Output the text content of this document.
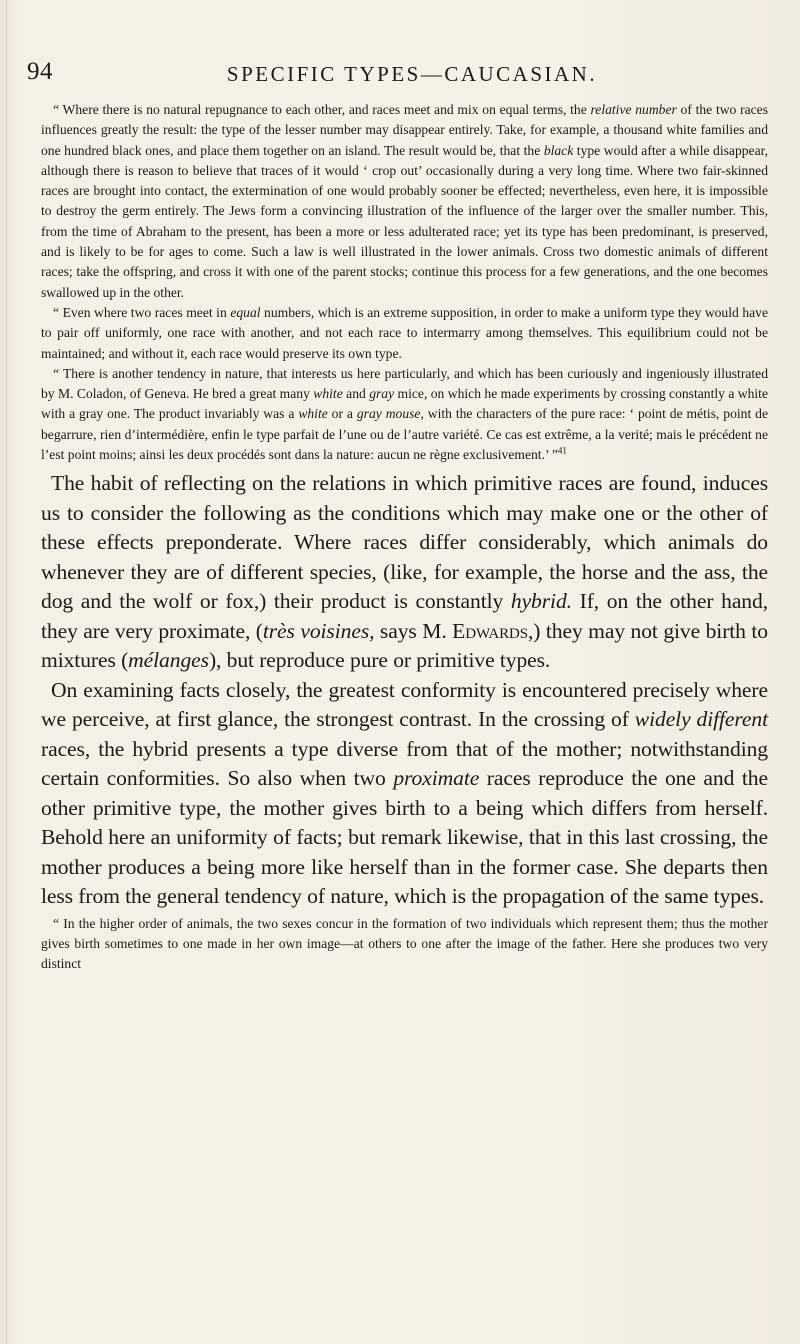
94	SPECIFIC TYPES—CAUCASIAN.

“ Where there is no natural repugnance to each other, and races meet and mix on equal terms, the relative number of the two races influences greatly the result: the type of the lesser number may disappear entirely. Take, for example, a thousand white families and one hundred black ones, and place them together on an island. The result would be, that the black type would after a while disappear, although there is reason to believe that traces of it would ‘ crop out’ occasionally during a very long time. Where two fair-skinned races are brought into contact, the extermination of one would probably sooner be effected; nevertheless, even here, it is impossible to destroy the germ entirely. The Jews form a convincing illustration of the influence of the larger over the smaller number. This, from the time of Abraham to the present, has been a more or less adulterated race; yet its type has been predominant, is preserved, and is likely to be for ages to come. Such a law is well illustrated in the lower animals. Cross two domestic animals of different races; take the offspring, and cross it with one of the parent stocks; continue this process for a few generations, and the one becomes swallowed up in the other.

“ Even where two races meet in equal numbers, which is an extreme supposition, in order to make a uniform type they would have to pair off uniformly, one race with another, and not each race to intermarry among themselves. This equilibrium could not be maintained; and without it, each race would preserve its own type.

“ There is another tendency in nature, that interests us here particularly, and which has been curiously and ingeniously illustrated by M. Coladon, of Geneva. He bred a great many white and gray mice, on which he made experiments by crossing constantly a white with a gray one. The product invariably was a white or a gray mouse, with the characters of the pure race: ‘ point de métis, point de begarrure, rien d’intermédière, enfin le type parfait de l’une ou de l’autre variété. Ce cas est extrême, a la verité; mais le précédent ne l’est point moins; ainsi les deux procédés sont dans la nature: aucun ne règne exclusivement.’ ”$^{41}$

The habit of reflecting on the relations in which primitive races are found, induces us to consider the following as the conditions which may make one or the other of these effects preponderate. Where races differ considerably, which animals do whenever they are of different species, (like, for example, the horse and the ass, the dog and the wolf or fox,) their product is constantly hybrid. If, on the other hand, they are very proximate, (très voisines, says M. Edwards,) they may not give birth to mixtures (mélanges), but reproduce pure or primitive types.

On examining facts closely, the greatest conformity is encountered precisely where we perceive, at first glance, the strongest contrast. In the crossing of widely different races, the hybrid presents a type diverse from that of the mother; notwithstanding certain conformities. So also when two proximate races reproduce the one and the other primitive type, the mother gives birth to a being which differs from herself. Behold here an uniformity of facts; but remark likewise, that in this last crossing, the mother produces a being more like herself than in the former case. She departs then less from the general tendency of nature, which is the propagation of the same types.

“ In the higher order of animals, the two sexes concur in the formation of two individuals which represent them; thus the mother gives birth sometimes to one made in her own image—at others to one after the image of the father. Here she produces two very distinct
